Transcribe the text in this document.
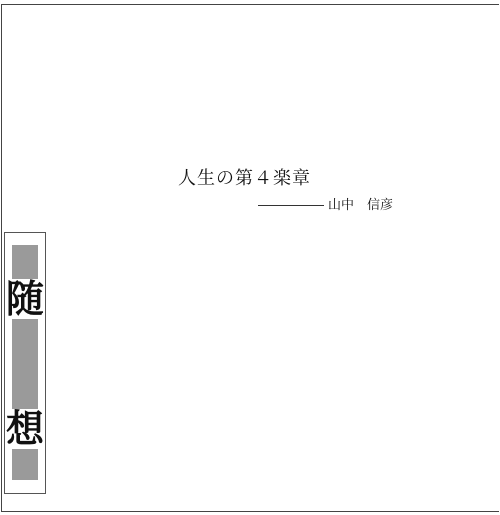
人生の第４楽章
山中　信彦
随
想
